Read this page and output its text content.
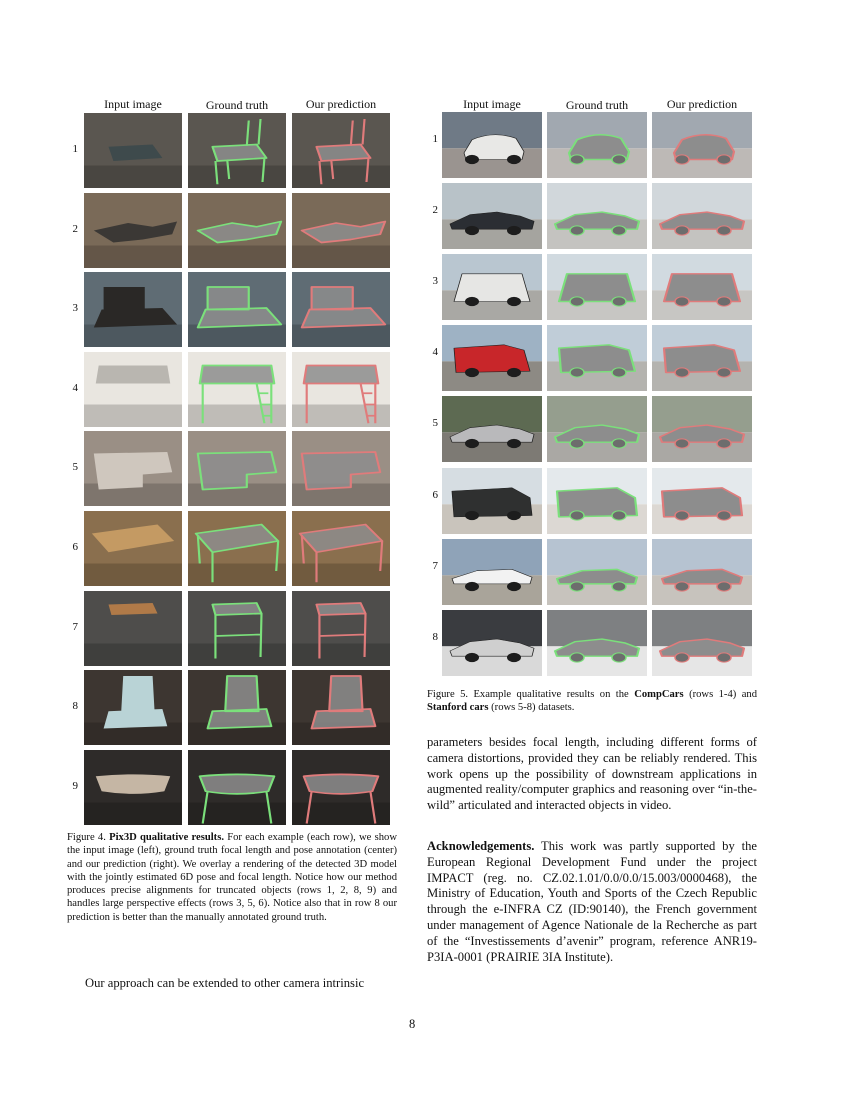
Input image	Ground truth	Our prediction
1
2
3
4
5
6
7
8
9
Figure 4. Pix3D qualitative results. For each example (each row), we show the input image (left), ground truth focal length and pose annotation (center) and our prediction (right). We overlay a rendering of the detected 3D model with the jointly estimated 6D pose and focal length. Notice how our method produces precise alignments for truncated objects (rows 1, 2, 8, 9) and handles large perspective effects (rows 3, 5, 6). Notice also that in row 8 our prediction is better than the manually annotated ground truth.
Our approach can be extended to other camera intrinsic
Input image	Ground truth	Our prediction
1
2
3
4
5
6
7
8
Figure 5. Example qualitative results on the CompCars (rows 1-4) and Stanford cars (rows 5-8) datasets.
parameters besides focal length, including different forms of camera distortions, provided they can be reliably rendered. This work opens up the possibility of downstream applications in augmented reality/computer graphics and reasoning over “in-the-wild” articulated and interacted objects in video.
Acknowledgements. This work was partly supported by the European Regional Development Fund under the project IMPACT (reg. no. CZ.02.1.01/0.0/0.0/15.003/0000468), the Ministry of Education, Youth and Sports of the Czech Republic through the e-INFRA CZ (ID:90140), the French government under management of Agence Nationale de la Recherche as part of the “Investissements d’avenir” program, reference ANR19-P3IA-0001 (PRAIRIE 3IA Institute).
8
